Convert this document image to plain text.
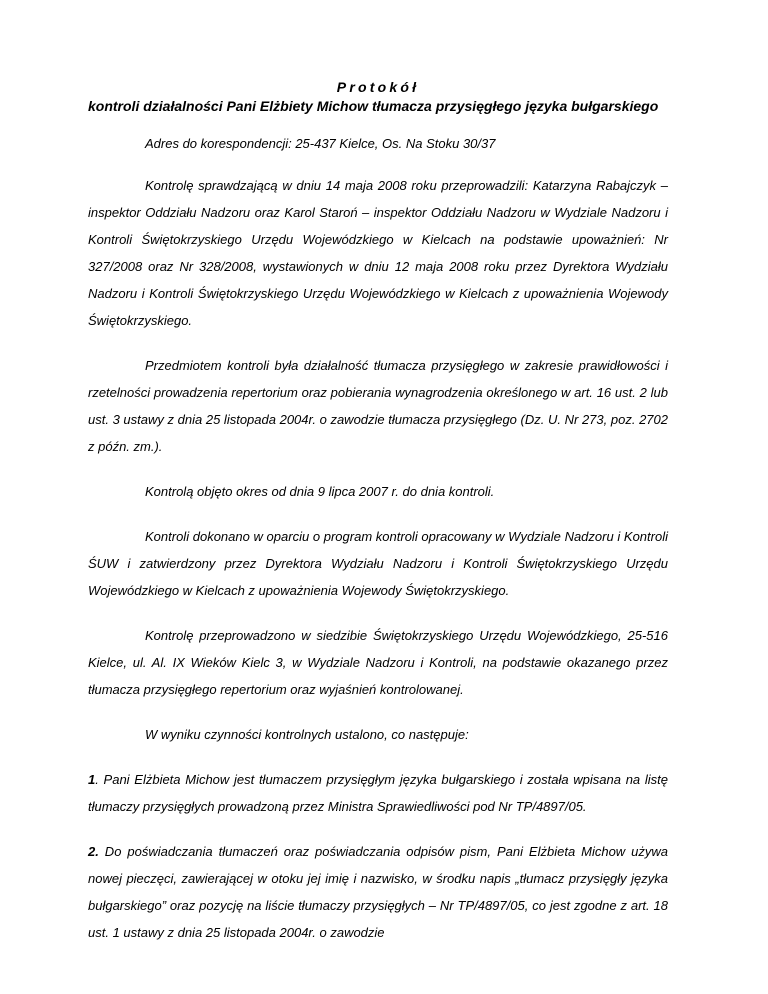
Protokół
kontroli działalności Pani Elżbiety Michow tłumacza przysięgłego języka bułgarskiego
Adres do korespondencji: 25-437 Kielce, Os. Na Stoku 30/37

Kontrolę sprawdzającą w dniu 14 maja 2008 roku przeprowadzili: Katarzyna Rabajczyk – inspektor Oddziału Nadzoru oraz Karol Staroń – inspektor Oddziału Nadzoru w Wydziale Nadzoru i Kontroli Świętokrzyskiego Urzędu Wojewódzkiego w Kielcach na podstawie upoważnień: Nr 327/2008 oraz Nr 328/2008, wystawionych w dniu 12 maja 2008 roku przez Dyrektora Wydziału Nadzoru i Kontroli Świętokrzyskiego Urzędu Wojewódzkiego w Kielcach z upoważnienia Wojewody Świętokrzyskiego.

Przedmiotem kontroli była działalność tłumacza przysięgłego w zakresie prawidłowości i rzetelności prowadzenia repertorium oraz pobierania wynagrodzenia określonego w art. 16 ust. 2 lub ust. 3 ustawy z dnia 25 listopada 2004r. o zawodzie tłumacza przysięgłego (Dz. U. Nr 273, poz. 2702 z późn. zm.).

Kontrolą objęto okres od dnia 9 lipca 2007 r. do dnia kontroli.

Kontroli dokonano w oparciu o program kontroli opracowany w Wydziale Nadzoru i Kontroli ŚUW i zatwierdzony przez Dyrektora Wydziału Nadzoru i Kontroli Świętokrzyskiego Urzędu Wojewódzkiego w Kielcach z upoważnienia Wojewody Świętokrzyskiego.

Kontrolę przeprowadzono w siedzibie Świętokrzyskiego Urzędu Wojewódzkiego, 25-516 Kielce, ul. Al. IX Wieków Kielc 3, w Wydziale Nadzoru i Kontroli, na podstawie okazanego przez tłumacza przysięgłego repertorium oraz wyjaśnień kontrolowanej.

W wyniku czynności kontrolnych ustalono, co następuje:

1. Pani Elżbieta Michow jest tłumaczem przysięgłym języka bułgarskiego i została wpisana na listę tłumaczy przysięgłych prowadzoną przez Ministra Sprawiedliwości pod Nr TP/4897/05.

2. Do poświadczania tłumaczeń oraz poświadczania odpisów pism, Pani Elżbieta Michow używa nowej pieczęci, zawierającej w otoku jej imię i nazwisko, w środku napis „tłumacz przysięgły języka bułgarskiego” oraz pozycję na liście tłumaczy przysięgłych – Nr TP/4897/05, co jest zgodne z art. 18 ust. 1 ustawy z dnia 25 listopada 2004r. o zawodzie
